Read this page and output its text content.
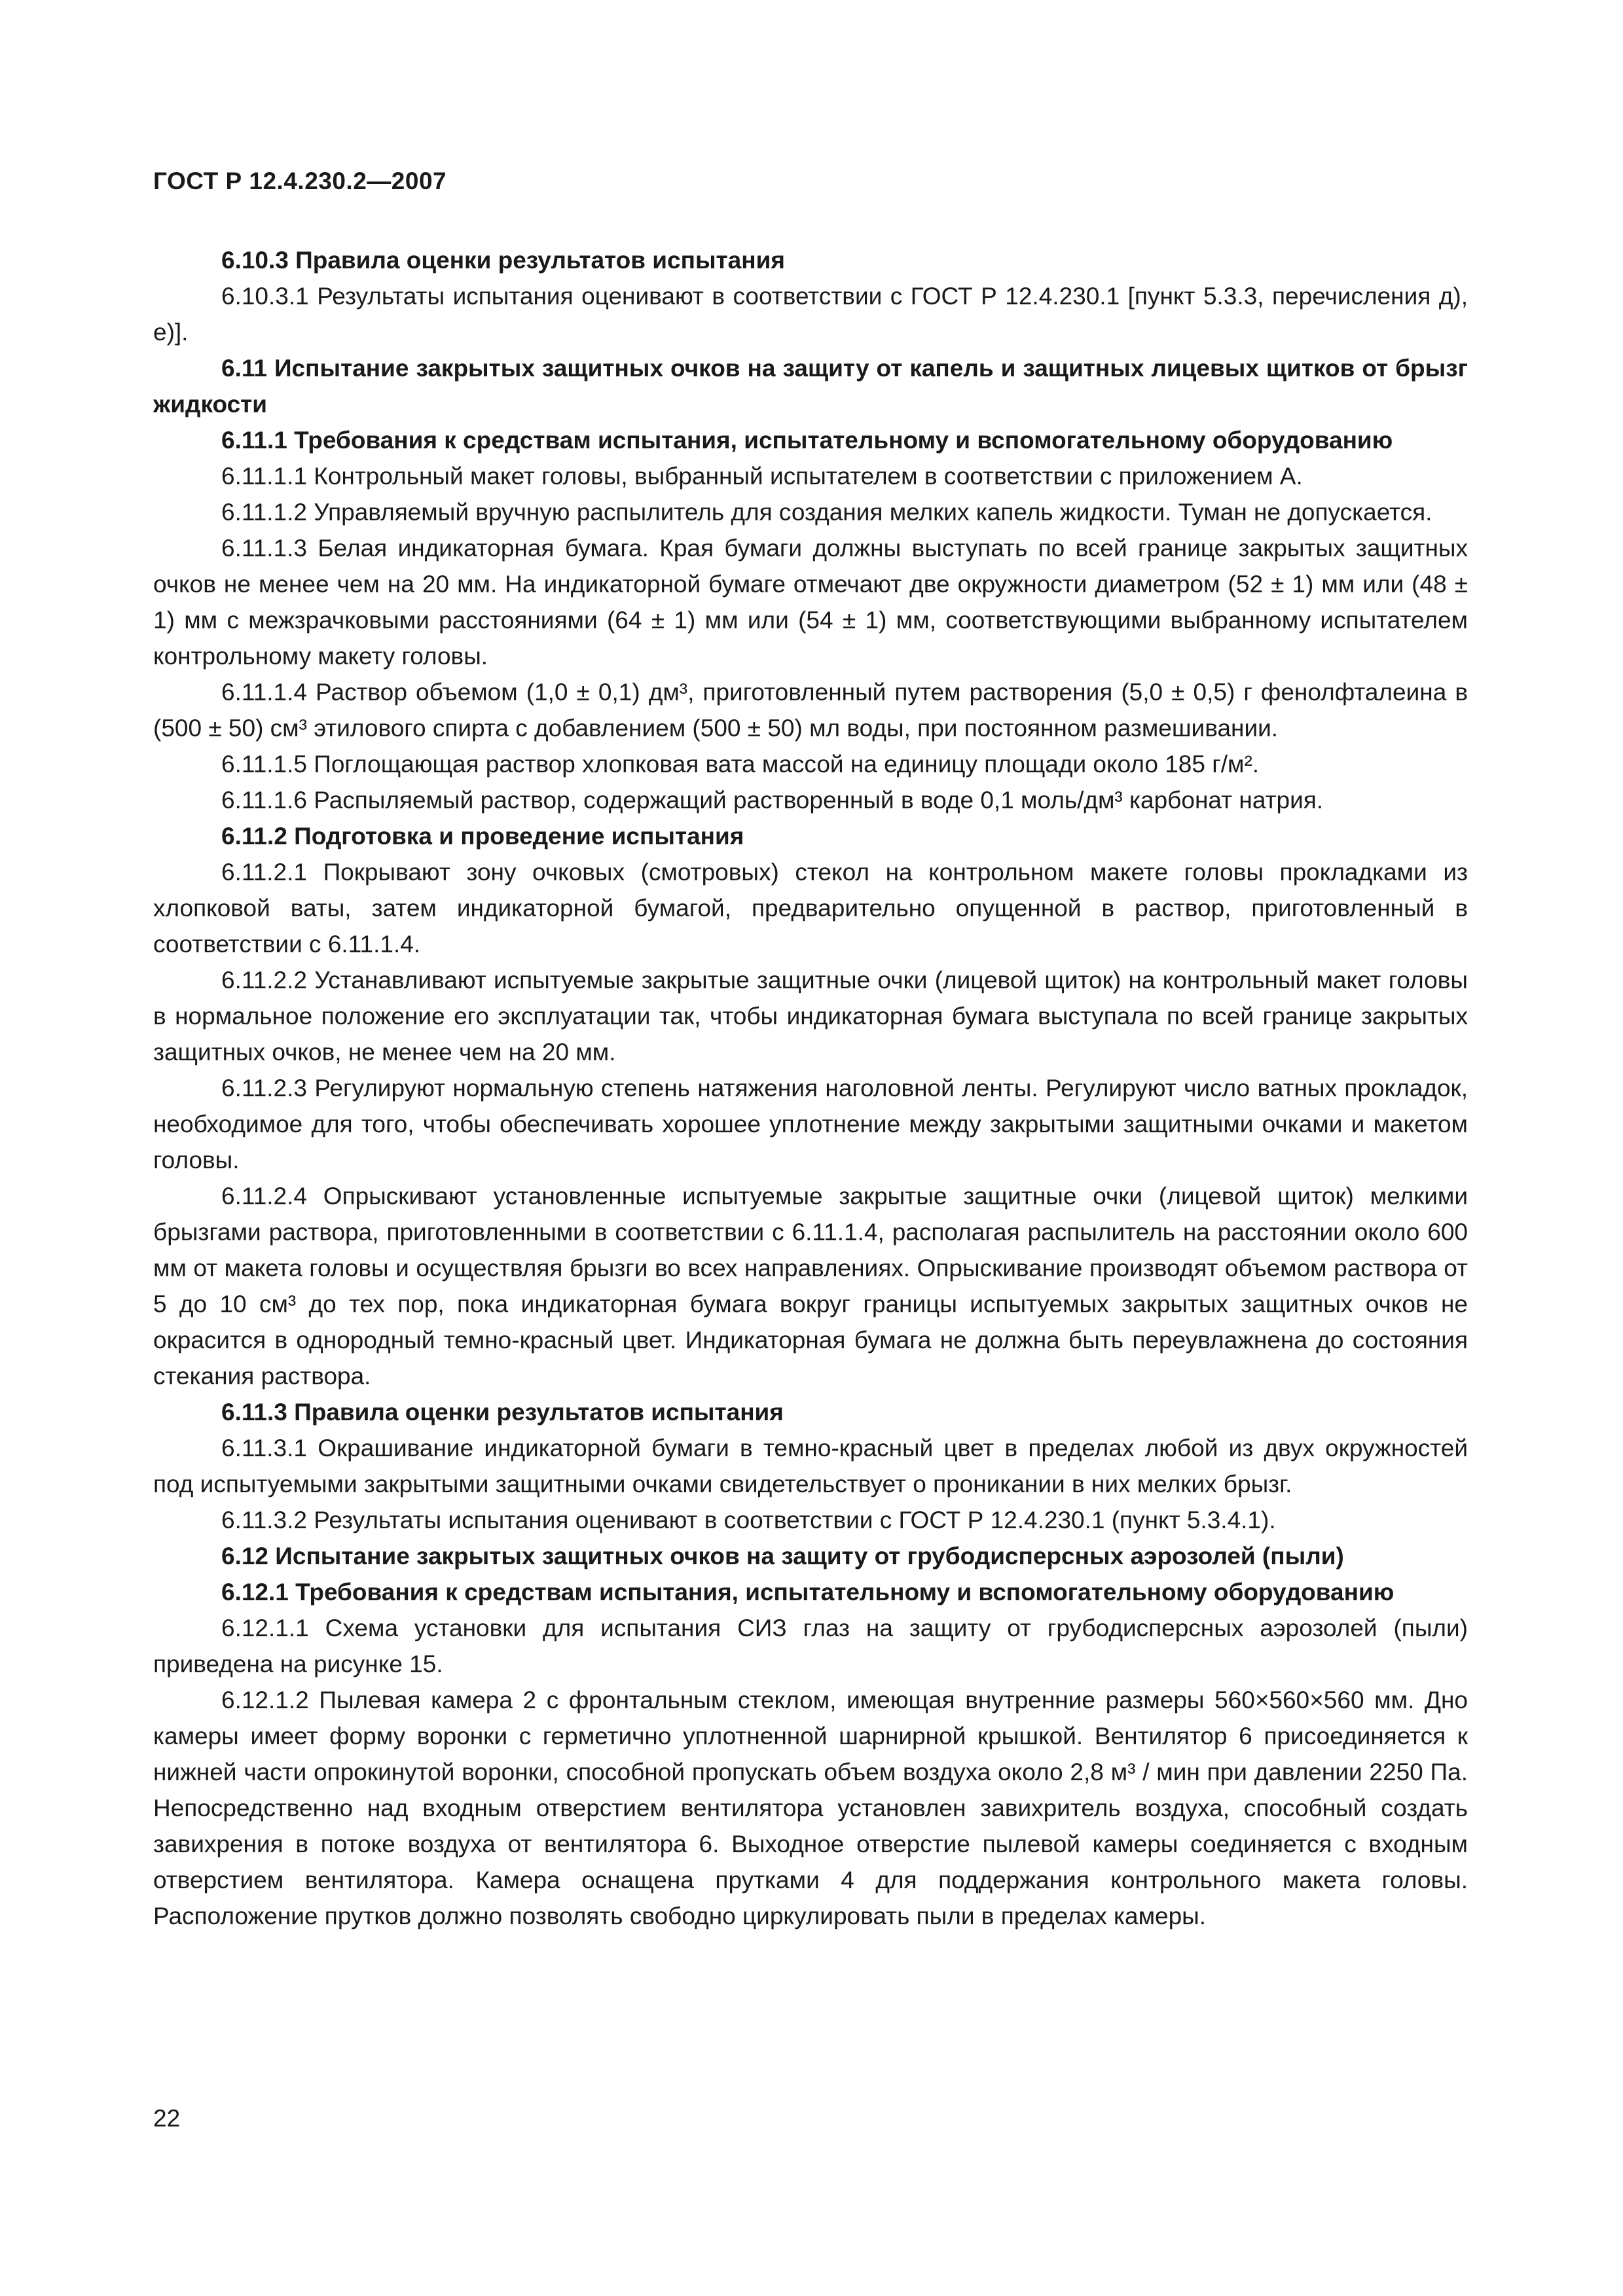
ГОСТ Р 12.4.230.2—2007

6.10.3 Правила оценки результатов испытания

6.10.3.1 Результаты испытания оценивают в соответствии с ГОСТ Р 12.4.230.1 [пункт 5.3.3, перечисления д), е)].

6.11 Испытание закрытых защитных очков на защиту от капель и защитных лицевых щитков от брызг жидкости

6.11.1 Требования к средствам испытания, испытательному и вспомогательному оборудованию

6.11.1.1 Контрольный макет головы, выбранный испытателем в соответствии с приложением А.

6.11.1.2 Управляемый вручную распылитель для создания мелких капель жидкости. Туман не допускается.

6.11.1.3 Белая индикаторная бумага. Края бумаги должны выступать по всей границе закрытых защитных очков не менее чем на 20 мм. На индикаторной бумаге отмечают две окружности диаметром (52 ± 1) мм или (48 ± 1) мм с межзрачковыми расстояниями (64 ± 1) мм или (54 ± 1) мм, соответствующими выбранному испытателем контрольному макету головы.

6.11.1.4 Раствор объемом (1,0 ± 0,1) дм³, приготовленный путем растворения (5,0 ± 0,5) г фенолфталеина в (500 ± 50) см³ этилового спирта с добавлением (500 ± 50) мл воды, при постоянном размешивании.

6.11.1.5 Поглощающая раствор хлопковая вата массой на единицу площади около 185 г/м².

6.11.1.6 Распыляемый раствор, содержащий растворенный в воде 0,1 моль/дм³ карбонат натрия.

6.11.2 Подготовка и проведение испытания

6.11.2.1 Покрывают зону очковых (смотровых) стекол на контрольном макете головы прокладками из хлопковой ваты, затем индикаторной бумагой, предварительно опущенной в раствор, приготовленный в соответствии с 6.11.1.4.

6.11.2.2 Устанавливают испытуемые закрытые защитные очки (лицевой щиток) на контрольный макет головы в нормальное положение его эксплуатации так, чтобы индикаторная бумага выступала по всей границе закрытых защитных очков, не менее чем на 20 мм.

6.11.2.3 Регулируют нормальную степень натяжения наголовной ленты. Регулируют число ватных прокладок, необходимое для того, чтобы обеспечивать хорошее уплотнение между закрытыми защитными очками и макетом головы.

6.11.2.4 Опрыскивают установленные испытуемые закрытые защитные очки (лицевой щиток) мелкими брызгами раствора, приготовленными в соответствии с 6.11.1.4, располагая распылитель на расстоянии около 600 мм от макета головы и осуществляя брызги во всех направлениях. Опрыскивание производят объемом раствора от 5 до 10 см³ до тех пор, пока индикаторная бумага вокруг границы испытуемых закрытых защитных очков не окрасится в однородный темно-красный цвет. Индикаторная бумага не должна быть переувлажнена до состояния стекания раствора.

6.11.3 Правила оценки результатов испытания

6.11.3.1 Окрашивание индикаторной бумаги в темно-красный цвет в пределах любой из двух окружностей под испытуемыми закрытыми защитными очками свидетельствует о проникании в них мелких брызг.

6.11.3.2 Результаты испытания оценивают в соответствии с ГОСТ Р 12.4.230.1 (пункт 5.3.4.1).

6.12 Испытание закрытых защитных очков на защиту от грубодисперсных аэрозолей (пыли)

6.12.1 Требования к средствам испытания, испытательному и вспомогательному оборудованию

6.12.1.1 Схема установки для испытания СИЗ глаз на защиту от грубодисперсных аэрозолей (пыли) приведена на рисунке 15.

6.12.1.2 Пылевая камера 2 с фронтальным стеклом, имеющая внутренние размеры 560×560×560 мм. Дно камеры имеет форму воронки с герметично уплотненной шарнирной крышкой. Вентилятор 6 присоединяется к нижней части опрокинутой воронки, способной пропускать объем воздуха около 2,8 м³ / мин при давлении 2250 Па. Непосредственно над входным отверстием вентилятора установлен завихритель воздуха, способный создать завихрения в потоке воздуха от вентилятора 6. Выходное отверстие пылевой камеры соединяется с входным отверстием вентилятора. Камера оснащена прутками 4 для поддержания контрольного макета головы. Расположение прутков должно позволять свободно циркулировать пыли в пределах камеры.

22
